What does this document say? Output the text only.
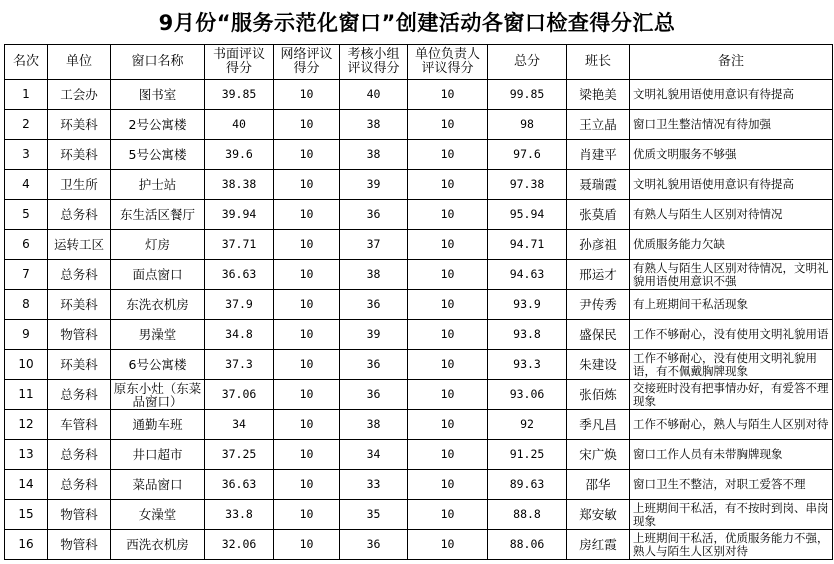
9月份“服务示范化窗口”创建活动各窗口检查得分汇总
名次	单位	窗口名称	书面评议得分	网络评议得分	考核小组评议得分	单位负责人评议得分	总分	班长	备注
1	工会办	图书室	39.85	10	40	10	99.85	梁艳美	文明礼貌用语使用意识有待提高
2	环美科	2号公寓楼	40	10	38	10	98	王立晶	窗口卫生整洁情况有待加强
3	环美科	5号公寓楼	39.6	10	38	10	97.6	肖建平	优质文明服务不够强
4	卫生所	护士站	38.38	10	39	10	97.38	聂瑞霞	文明礼貌用语使用意识有待提高
5	总务科	东生活区餐厅	39.94	10	36	10	95.94	张莫盾	有熟人与陌生人区别对待情况
6	运转工区	灯房	37.71	10	37	10	94.71	孙彦祖	优质服务能力欠缺
7	总务科	面点窗口	36.63	10	38	10	94.63	邢运才	有熟人与陌生人区别对待情况，文明礼貌用语使用意识不强
8	环美科	东洗衣机房	37.9	10	36	10	93.9	尹传秀	有上班期间干私活现象
9	物管科	男澡堂	34.8	10	39	10	93.8	盛保民	工作不够耐心，没有使用文明礼貌用语
10	环美科	6号公寓楼	37.3	10	36	10	93.3	朱建设	工作不够耐心，没有使用文明礼貌用语，有不佩戴胸牌现象
11	总务科	原东小灶（东菜品窗口）	37.06	10	36	10	93.06	张佰炼	交接班时没有把事情办好，有爱答不理现象
12	车管科	通勤车班	34	10	38	10	92	季凡昌	工作不够耐心，熟人与陌生人区别对待
13	总务科	井口超市	37.25	10	34	10	91.25	宋广焕	窗口工作人员有未带胸牌现象
14	总务科	菜品窗口	36.63	10	33	10	89.63	邵华	窗口卫生不整洁，对职工爱答不理
15	物管科	女澡堂	33.8	10	35	10	88.8	郑安敏	上班期间干私活，有不按时到岗、串岗现象
16	物管科	西洗衣机房	32.06	10	36	10	88.06	房红霞	上班期间干私活，优质服务能力不强，熟人与陌生人区别对待
